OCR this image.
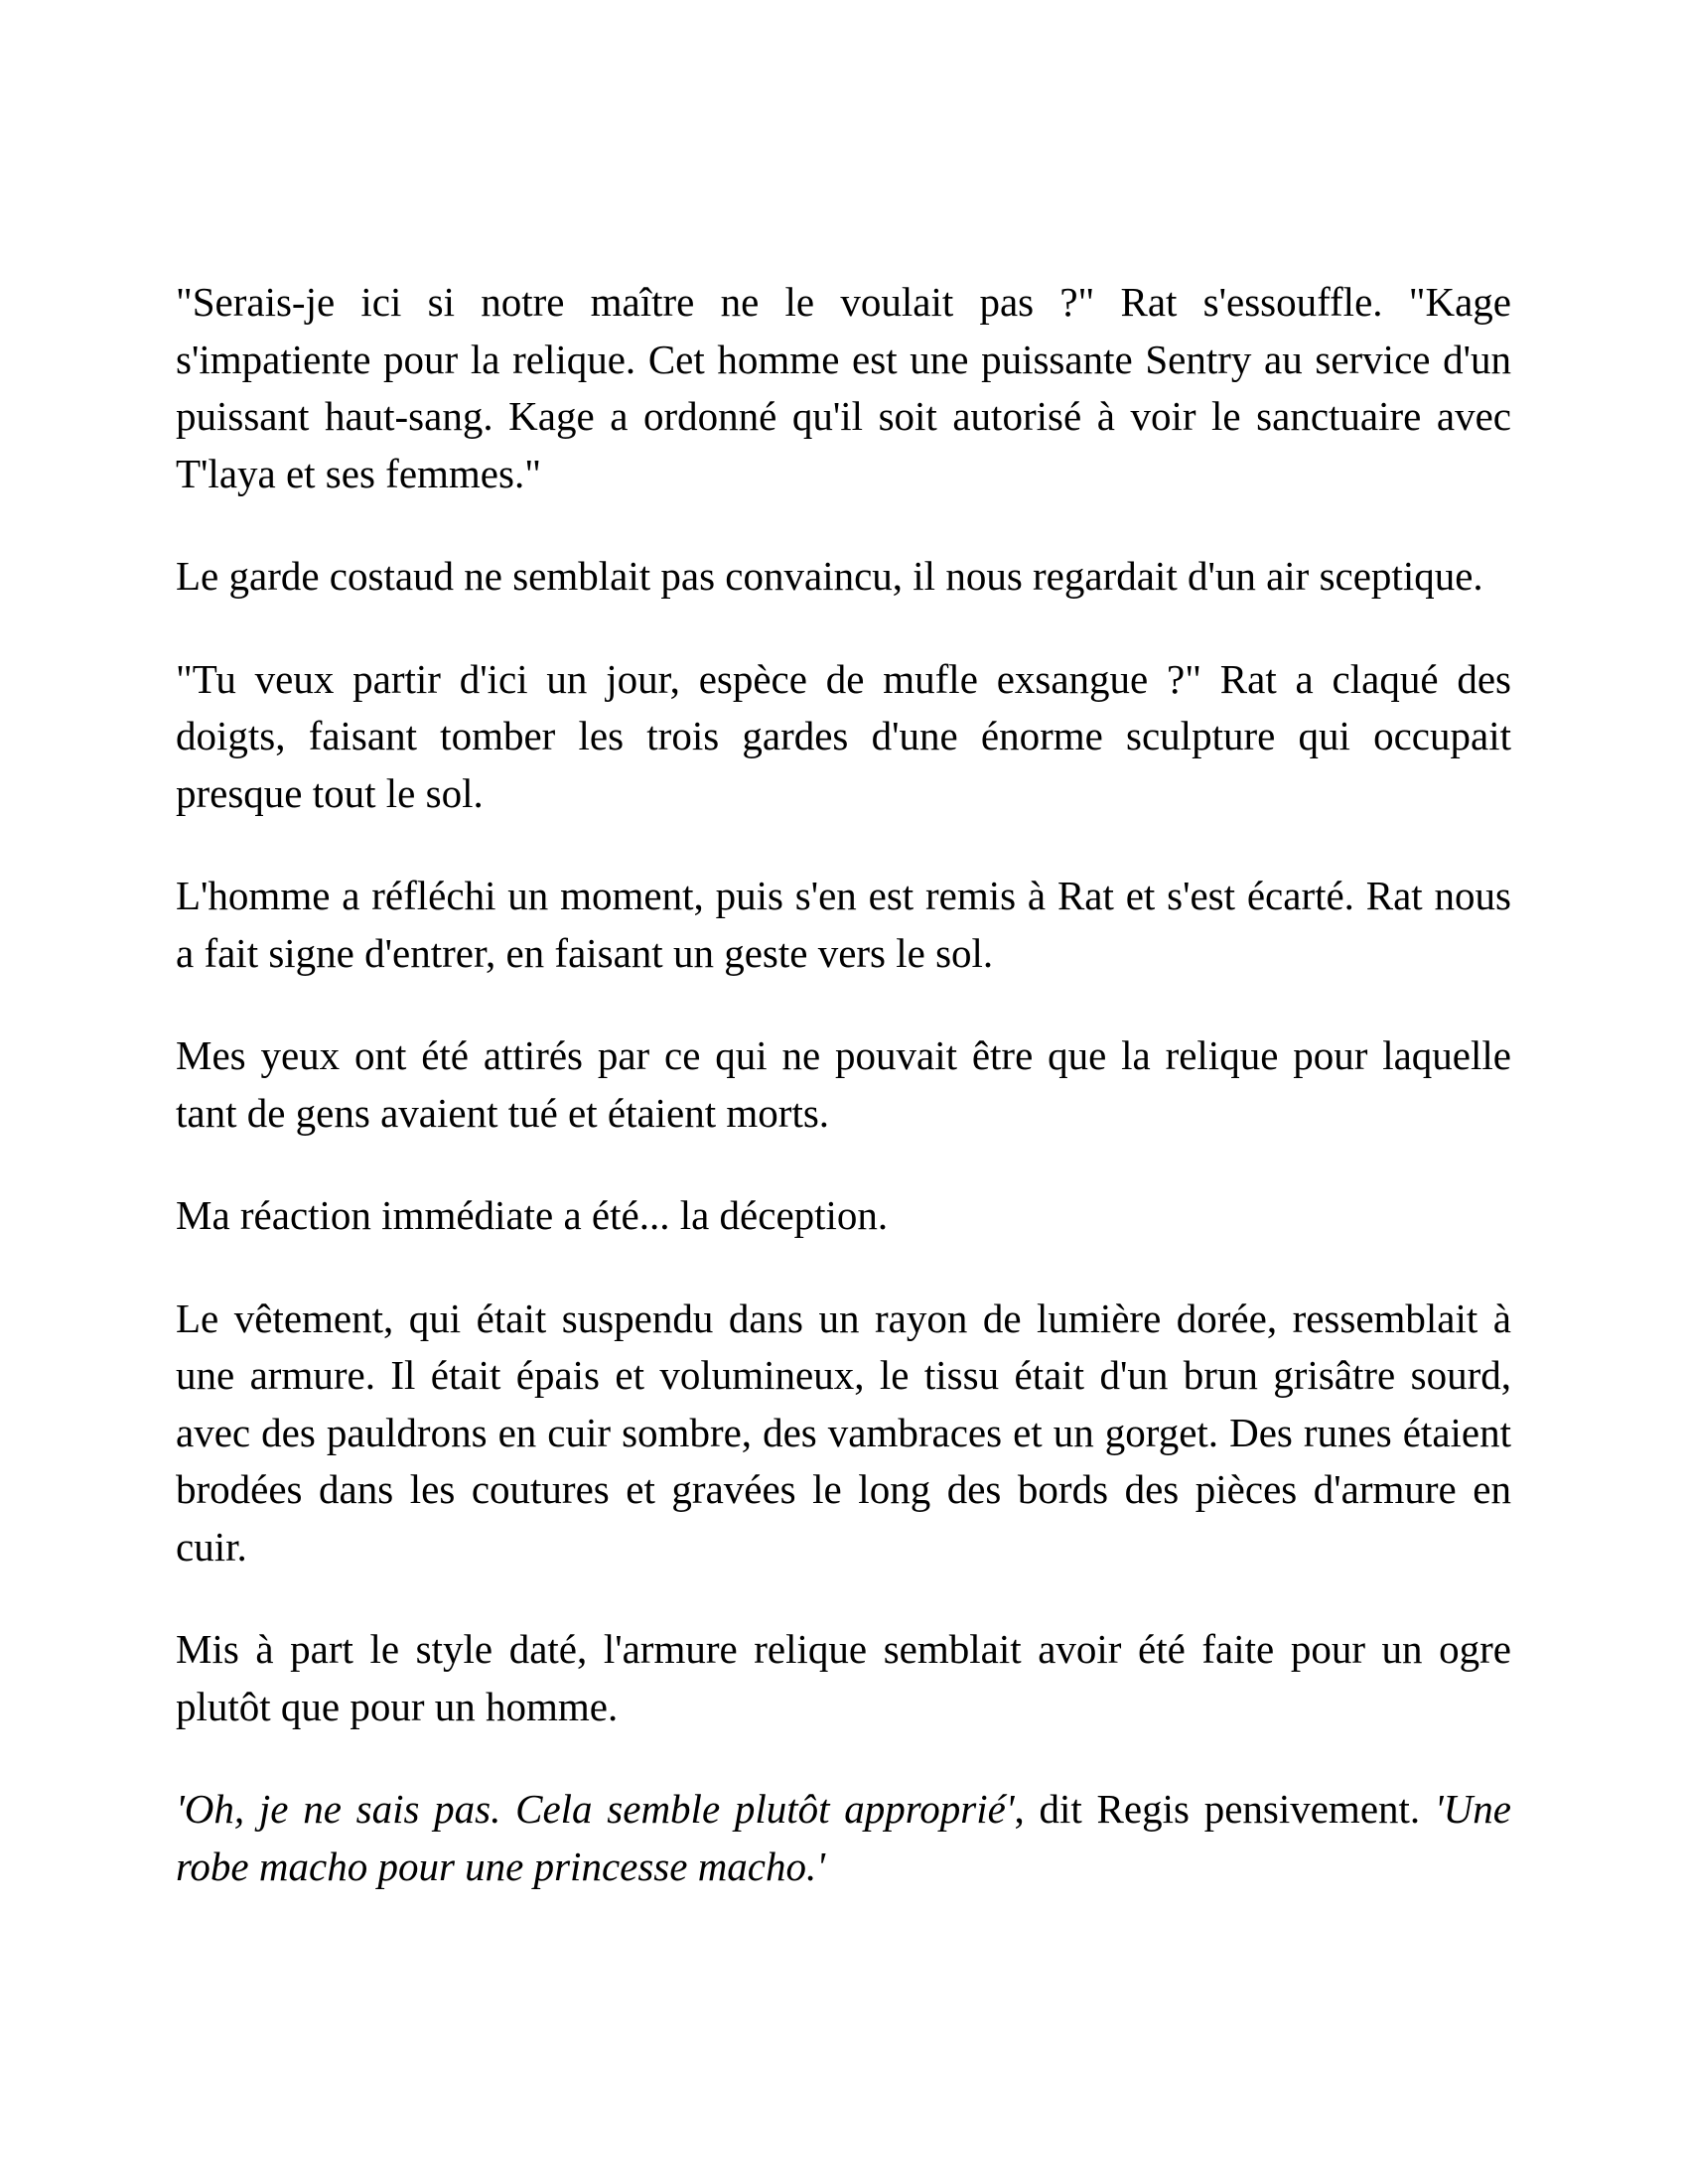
"Serais-je ici si notre maître ne le voulait pas ?" Rat s'essouffle. "Kage s'impatiente pour la relique. Cet homme est une puissante Sentry au service d'un puissant haut-sang. Kage a ordonné qu'il soit autorisé à voir le sanctuaire avec T'laya et ses femmes."

Le garde costaud ne semblait pas convaincu, il nous regardait d'un air sceptique.

"Tu veux partir d'ici un jour, espèce de mufle exsangue ?" Rat a claqué des doigts, faisant tomber les trois gardes d'une énorme sculpture qui occupait presque tout le sol.

L'homme a réfléchi un moment, puis s'en est remis à Rat et s'est écarté. Rat nous a fait signe d'entrer, en faisant un geste vers le sol.

Mes yeux ont été attirés par ce qui ne pouvait être que la relique pour laquelle tant de gens avaient tué et étaient morts.

Ma réaction immédiate a été... la déception.

Le vêtement, qui était suspendu dans un rayon de lumière dorée, ressemblait à une armure. Il était épais et volumineux, le tissu était d'un brun grisâtre sourd, avec des pauldrons en cuir sombre, des vambraces et un gorget. Des runes étaient brodées dans les coutures et gravées le long des bords des pièces d'armure en cuir.

Mis à part le style daté, l'armure relique semblait avoir été faite pour un ogre plutôt que pour un homme.

'Oh, je ne sais pas. Cela semble plutôt approprié', dit Regis pensivement. 'Une robe macho pour une princesse macho.'
